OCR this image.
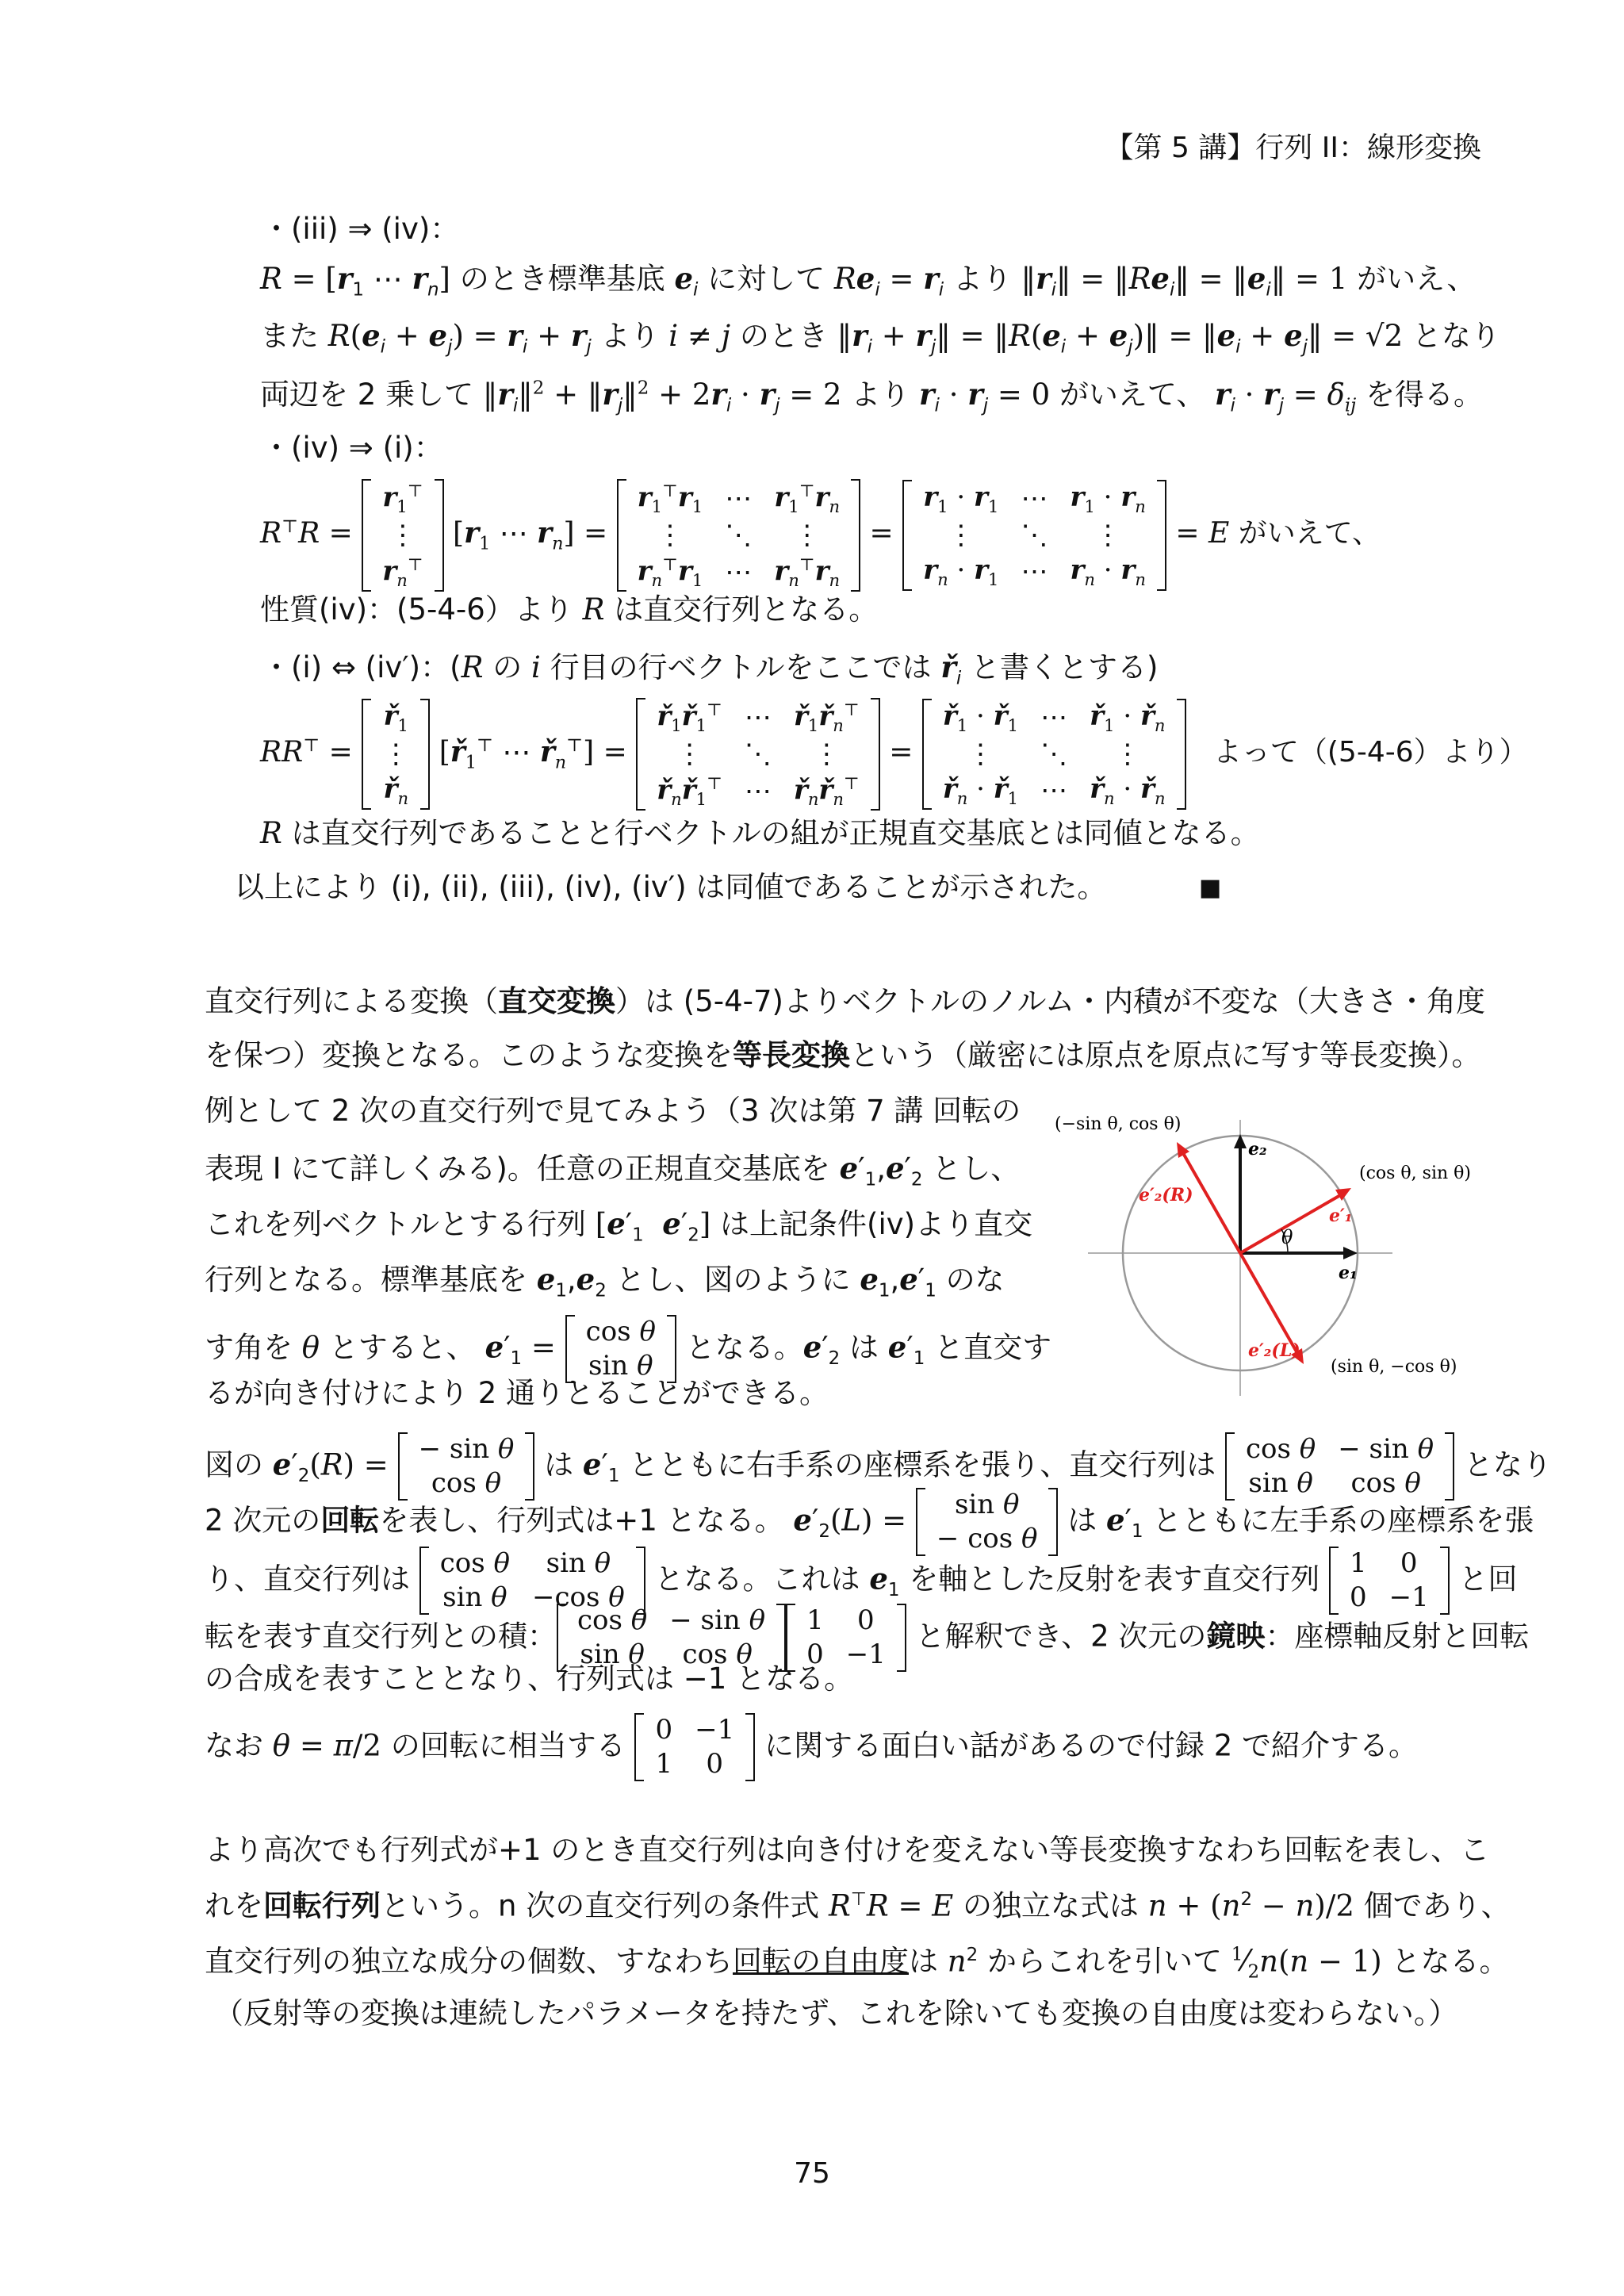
【第 5 講】行列 II：線形変換
・(iii) ⇒ (iv)：
$R = [r_1$ ⋯ $r_n$] のとき標準基底 $e_i$ に対して $Re_i = r_i$ より $‖r_i‖$ = $‖Re_i‖$ = $‖e_i‖ = 1$ がいえ、
また $R(e_i + e_j) = r_i + r_j$ より i ≠ j のとき $‖r_i$ + $r_j‖$ = $‖R(e_i$ + $e_j)‖$ = $‖e_i$ + $e_j‖ = √2$ となり
両辺を 2 乗して $‖r_i‖^2$ + $‖r_j‖^2 + 2r_i \cdot r_j = 2$ より $r_i \cdot r_j = 0$ がいえて、 $r_i \cdot r_j = \delta_{ij}$ を得る。
・(iv) ⇒ (i)：
R⊤R =
$r_1^⊤$
⋮
$r_n^⊤$
[$r_1$ ⋯ $r_n$] =
$r_1^⊤r_1$	⋯	$r_1^⊤r_n$
⋮	⋱	⋮
$r_n^⊤r_1$	⋯	$r_n^⊤r_n$
=
$r_1 \cdot r_1$	⋯	$r_1 \cdot r_n$
⋮	⋱	⋮
$r_n \cdot r_1$	⋯	$r_n \cdot r_n$
= E がいえて、
性質(iv)：(5-4-6）より R は直交行列となる。
・(i) ⇔ (iv′)：(R の i 行目の行ベクトルをここでは $ř_i$ と書くとする)
RR⊤ =
$ř_1$
⋮
$ř_n$
[$ř_1^⊤$ ⋯ $ř_n^⊤$] =
$ř_1ř_1^⊤$	⋯	$ř_1ř_n^⊤$
⋮	⋱	⋮
$ř_nř_1^⊤$	⋯	$ř_nř_n^⊤$
=
$ř_1$ · $ř_1$	⋯	$ř_1$ · $ř_n$
⋮	⋱	⋮
$ř_n$ · $ř_1$	⋯	$ř_n$ · $ř_n$
よって（(5-4-6）より）
R は直交行列であることと行ベクトルの組が正規直交基底とは同値となる。
以上により (i), (ii), (iii), (iv), (iv′) は同値であることが示された。	■
直交行列による変換（直交変換）は (5-4-7)よりベクトルのノルム・内積が不変な（大きさ・角度
を保つ）変換となる。このような変換を等長変換という（厳密には原点を原点に写す等長変換）。
例として 2 次の直交行列で見てみよう（3 次は第 7 講 回転の
表現 I にて詳しくみる)。任意の正規直交基底を $e'_1,e'_2$ とし、
これを列ベクトルとする行列 [$e'_1$ $e'_2$] は上記条件(iv)より直交
行列となる。標準基底を $e_1,e_2$ とし、図のように $e_1,e'_1$ のな
す角を θ とすると、 $e'_1 = \cos \theta$
sin θ
となる。$e'_2$ は $e'_1$ と直交す
るが向き付けにより 2 通りとることができる。
θ
(−sin θ, cos θ)
(cos θ, sin θ)
(sin θ, −cos θ)
e₂
e₁
e′₁
e′₂(R)
e′₂(L)
図の $e'_2(R)$ = − sin θ
cos θ
は $e'_1$ とともに右手系の座標系を張り、直交行列は cos θ	− sin θ
sin θ	cos θ
となり
2 次元の回転を表し、行列式は+1 となる。 $e'_2(L) = \sin \theta$
− cos θ
は $e'_1$ とともに左手系の座標系を張
り、直交行列は cos θ	sin θ
sin θ	−cos θ
となる。これは $e_1$ を軸とした反射を表す直交行列 1	0
0	−1
と回
転を表す直交行列との積： cos θ	− sin θ
sin θ	cos θ
1	0
0	−1
と解釈でき、2 次元の鏡映：座標軸反射と回転
の合成を表すこととなり、行列式は −1 となる。
なお θ = π/2 の回転に相当する 0	−1
1	0
に関する面白い話があるので付録 2 で紹介する。
より高次でも行列式が+1 のとき直交行列は向き付けを変えない等長変換すなわち回転を表し、こ
れを回転行列という。n 次の直交行列の条件式 R⊤R = E の独立な式は $n + (n^2 - n)/2$ 個であり、
直交行列の独立な成分の個数、すなわち回転の自由度は $n^2$ からこれを引いて $^1⁄_2n(n - 1)$ となる。
（反射等の変換は連続したパラメータを持たず、これを除いても変換の自由度は変わらない。）
75
